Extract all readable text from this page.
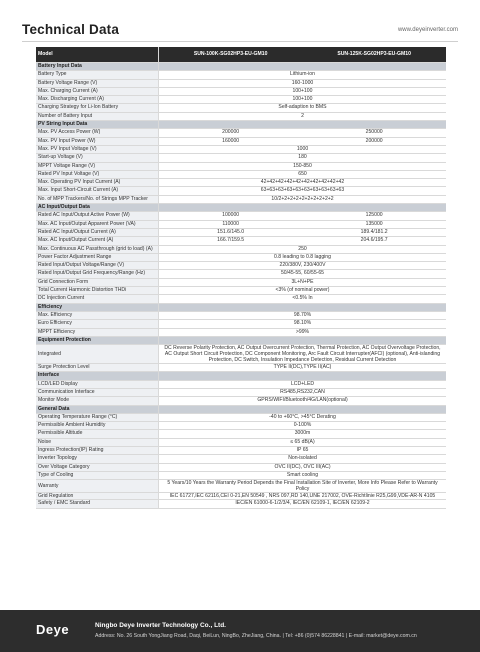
Technical Data	www.deyeinverter.com
Model	SUN-100K-SG02HP3-EU-GM10	SUN-125K-SG02HP3-EU-GM10
Battery Input Data		
Battery Type	Lithium-ion	
Battery Voltage Range (V)	160-1000	
Max. Charging Current (A)	100+100	
Max. Discharging Current (A)	100+100	
Charging Strategy for Li-Ion Battery	Self-adaption to BMS	
Number of Battery Input	2	
PV String Input Data		
Max. PV Access Power (W)	200000	250000
Max. PV Input Power (W)	160000	200000
Max. PV Input Voltage (V)	1000	
Start-up Voltage (V)	180	
MPPT Voltage Range (V)	150-850	
Rated PV Input Voltage (V)	650	
Max. Operating PV Input Current (A)	42+42+42+42+42+42+42+42+42+42	
Max. Input Short-Circuit Current (A)	63+63+63+63+63+63+63+63+63+63	
No. of MPP Trackers/No. of Strings MPP Tracker	10/2+2+2+2+2+2+2+2+2+2	
AC Input/Output Data		
Rated AC Input/Output Active Power (W)	100000	125000
Max. AC Input/Output Apparent Power (VA)	110000	135000
Rated AC Input/Output Current (A)	151.6/145.0	189.4/181.2
Max. AC Input/Output Current (A)	166.7/159.5	204.6/195.7
Max. Continuous AC Passthrough (grid to load) (A)	250	
Power Factor Adjustment Range	0.8 leading to 0.8 lagging	
Rated Input/Output Voltage/Range (V)	220/380V, 230/400V	
Rated Input/Output Grid Frequency/Range (Hz)	50/45-55, 60/55-65	
Grid Connection Form	3L+N+PE	
Total Current Harmonic Distortion THDi	<3% (of nominal power)	
DC Injection Current	<0.5% In	
Efficiency		
Max. Efficiency	98.70%	
Euro Efficiency	98.10%	
MPPT Efficiency	>99%	
Equipment Protection		
Integrated	DC Reverse Polarity Protection, AC Output Overcurrent Protection, Thermal Protection, AC Output Overvoltage Protection, AC Output Short Circuit Protection, DC Component Monitoring, Arc Fault Circuit Interrupter(AFCI) (optional), Anti-islanding Protection, DC Switch, Insulation Impedance Detection, Residual Current Detection	
Surge Protection Level	TYPE II(DC),TYPE II(AC)	
Interface		
LCD/LED Display	LCD+LED	
Communication Interface	RS485,RS232,CAN	
Monitor Mode	GPRS/WIFI/Bluetooth/4G/LAN(optional)	
General Data		
Operating Temperature Range (°C)	-40 to +60°C, >45°C Derating	
Permissible Ambient Humidity	0-100%	
Permissible Altitude	3000m	
Noise	≤ 65 dB(A)	
Ingress Protection(IP) Rating	IP 65	
Inverter Topology	Non-isolated	
Over Voltage Category	OVC II(DC), OVC III(AC)	
Type of Cooling	Smart cooling	
Warranty	5 Years/10 Years the Warranty Period Depends the Final Installation Site of Inverter, More Info Please Refer to Warranty Policy	
Grid Regulation	IEC 61727,IEC 62116,CEI 0-21,EN 50549 , NRS 097,RD 140,UNE 217002, OVE-Richtlinie R25,G99,VDE-AR-N 4105	
Safety / EMC Standard	IEC/EN 61000-6-1/2/3/4, IEC/EN 62109-1, IEC/EN 62109-2	
Deye	Ningbo Deye Inverter Technology Co., Ltd.
Address: No. 26 South YongJiang Road, Daqi, BeiLun, NingBo, ZheJiang, China. | Tel: +86 (0)574 86228841 | E-mail: market@deye.com.cn
